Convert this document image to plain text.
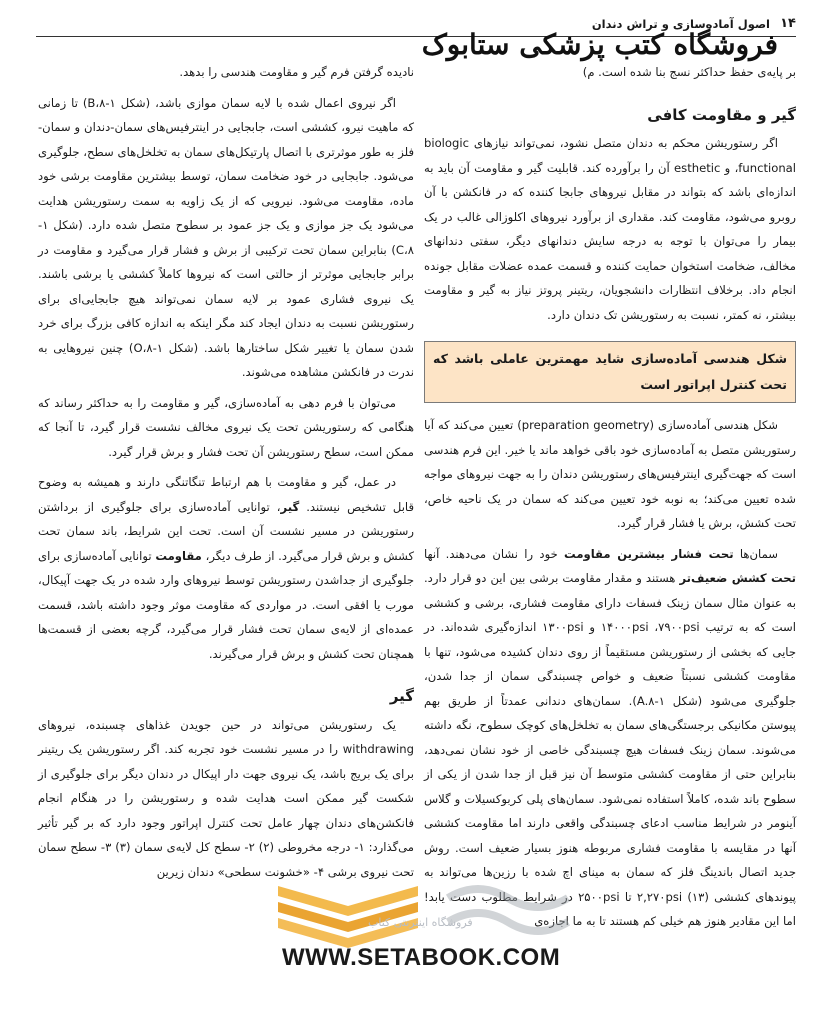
۱۴
اصول آماده‌سازی و تراش دندان
فروشگاه کتب پزشکی ستابوک

بر پایه‌ی حفظ حداکثر نسج بنا شده است. م)

گیر و مقاومت کافی

اگر رستوریشن محکم به دندان متصل نشود، نمی‌تواند نیازهای biologic ،functional و esthetic آن را برآورده کند. قابلیت گیر و مقاومت آن باید به اندازه‌ای باشد که بتواند در مقابل نیروهای جابجا کننده که در فانکشن با آن روبرو می‌شود، مقاومت کند. مقداری از برآورد نیروهای اکلوزالی غالب در یک بیمار را می‌توان با توجه به درجه سایش دندانهای دیگر، سفتی دندانهای مخالف، ضخامت استخوان حمایت کننده و قسمت عمده عضلات مقابل جونده انجام داد. برخلاف انتظارات دانشجویان، ریتینر پروتز نیاز به گیر و مقاومت بیشتر، نه کمتر، نسبت به رستوریشن تک دندان دارد.

شکل هندسی آماده‌سازی شاید مهمترین عاملی باشد که تحت کنترل اپراتور است

شکل هندسی آماده‌سازی (preparation geometry) تعیین می‌کند که آیا رستوریشن متصل به آماده‌سازی خود باقی خواهد ماند یا خیر. این فرم هندسی است که جهت‌گیری اینترفیس‌های رستوریشن دندان را به جهت نیروهای مواجه شده تعیین می‌کند؛ به نوبه خود تعیین می‌کند که سمان در یک ناحیه خاص، تحت کشش، برش یا فشار قرار گیرد.

سمان‌ها تحت فشار بیشترین مقاومت خود را نشان می‌دهند. آنها تحت کشش ضعیف‌تر هستند و مقدار مقاومت برشی بین این دو قرار دارد. به عنوان مثال سمان زینک فسفات دارای مقاومت فشاری، برشی و کششی است که به ترتیب ۱۴۰۰۰psi ،۷۹۰۰psi و ۱۳۰۰psi اندازه‌گیری شده‌اند. در جایی که بخشی از رستوریشن مستقیماً از روی دندان کشیده می‌شود، تنها با مقاومت کششی نسبتاً ضعیف و خواص چسبندگی سمان از جدا شدن، جلوگیری می‌شود (شکل ۱-A.۸). سمان‌های دندانی عمدتاً از طریق بهم پیوستن مکانیکی برجستگی‌های سمان به تخلخل‌های کوچک سطوح، نگه داشته می‌شوند. سمان زینک فسفات هیچ چسبندگی خاصی از خود نشان نمی‌دهد، بنابراین حتی از مقاومت کششی متوسط آن نیز قبل از جدا شدن از یکی از سطوح باند شده، کاملاً استفاده نمی‌شود. سمان‌های پلی کربوکسیلات و گلاس آینومر در شرایط مناسب ادعای چسبندگی واقعی دارند اما مقاومت کششی آنها در مقایسه با مقاومت فشاری مربوطه هنوز بسیار ضعیف است. روش جدید اتصال باندینگ فلز که سمان به مینای اچ شده با رزین‌ها می‌تواند به پیوندهای کششی ۲,۲۷۰psi (۱۳) تا ۲۵۰۰psi در شرایط مطلوب دست یابد! اما این مقادیر هنوز هم خیلی کم هستند تا به ما اجازه‌ی

نادیده گرفتن فرم گیر و مقاومت هندسی را بدهد.

اگر نیروی اعمال شده با لایه سمان موازی باشد، (شکل ۱-B،۸) تا زمانی که ماهیت نیرو، کششی است، جابجایی در اینترفیس‌های سمان-دندان و سمان-فلز به طور موثرتری با اتصال پارتیکل‌های سمان به تخلخل‌های سطح، جلوگیری می‌شود. جابجایی در خود ضخامت سمان، توسط بیشترین مقاومت برشی خود ماده، مقاومت می‌شود. نیرویی که از یک زاویه به سمت رستوریشن هدایت می‌شود یک جز موازی و یک جز عمود بر سطوح متصل شده دارد. (شکل ۱-C،۸) بنابراین سمان تحت ترکیبی از برش و فشار قرار می‌گیرد و مقاومت در برابر جابجایی موثرتر از حالتی است که نیروها کاملاً کششی یا برشی باشند. یک نیروی فشاری عمود بر لایه سمان نمی‌تواند هیچ جابجایی‌ای برای رستوریشن نسبت به دندان ایجاد کند مگر اینکه به اندازه کافی بزرگ برای خرد شدن سمان یا تغییر شکل ساختارها باشد. (شکل ۱-O،۸) چنین نیروهایی به ندرت در فانکشن مشاهده می‌شوند.

می‌توان با فرم دهی به آماده‌سازی، گیر و مقاومت را به حداکثر رساند که هنگامی که رستوریشن تحت یک نیروی مخالف نشست قرار گیرد، تا آنجا که ممکن است، سطح رستوریشن آن تحت فشار و برش قرار گیرد.

در عمل، گیر و مقاومت با هم ارتباط تنگاتنگی دارند و همیشه به وضوح قابل تشخیص نیستند. گیر، توانایی آماده‌سازی برای جلوگیری از برداشتن رستوریشن در مسیر نشست آن است. تحت این شرایط، باند سمان تحت کشش و برش قرار می‌گیرد. از طرف دیگر، مقاومت توانایی آماده‌سازی برای جلوگیری از جداشدن رستوریشن توسط نیروهای وارد شده در یک جهت آپیکال، مورب یا افقی است. در مواردی که مقاومت موثر وجود داشته باشد، قسمت عمده‌ای از لایه‌ی سمان تحت فشار قرار می‌گیرد، گرچه بعضی از قسمت‌ها همچنان تحت کشش و برش قرار می‌گیرند.

گیر

یک رستوریشن می‌تواند در حین جویدن غذاهای چسبنده، نیروهای withdrawing را در مسیر نشست خود تجربه کند. اگر رستوریشن یک ریتینر برای یک بریج باشد، یک نیروی جهت دار اپیکال در دندان دیگر برای جلوگیری از شکست گیر ممکن است هدایت شده و رستوریشن را در هنگام انجام فانکشن‌های دندان چهار عامل تحت کنترل اپراتور وجود دارد که بر گیر تأثیر می‌گذارد: ۱- درجه مخروطی (۲) ۲- سطح کل لایه‌ی سمان (۳) ۳- سطح سمان تحت نیروی برشی ۴- «خشونت سطحی» دندان زیرین

فروشگاه اینترنتی کتاب
WWW.SETABOOK.COM
